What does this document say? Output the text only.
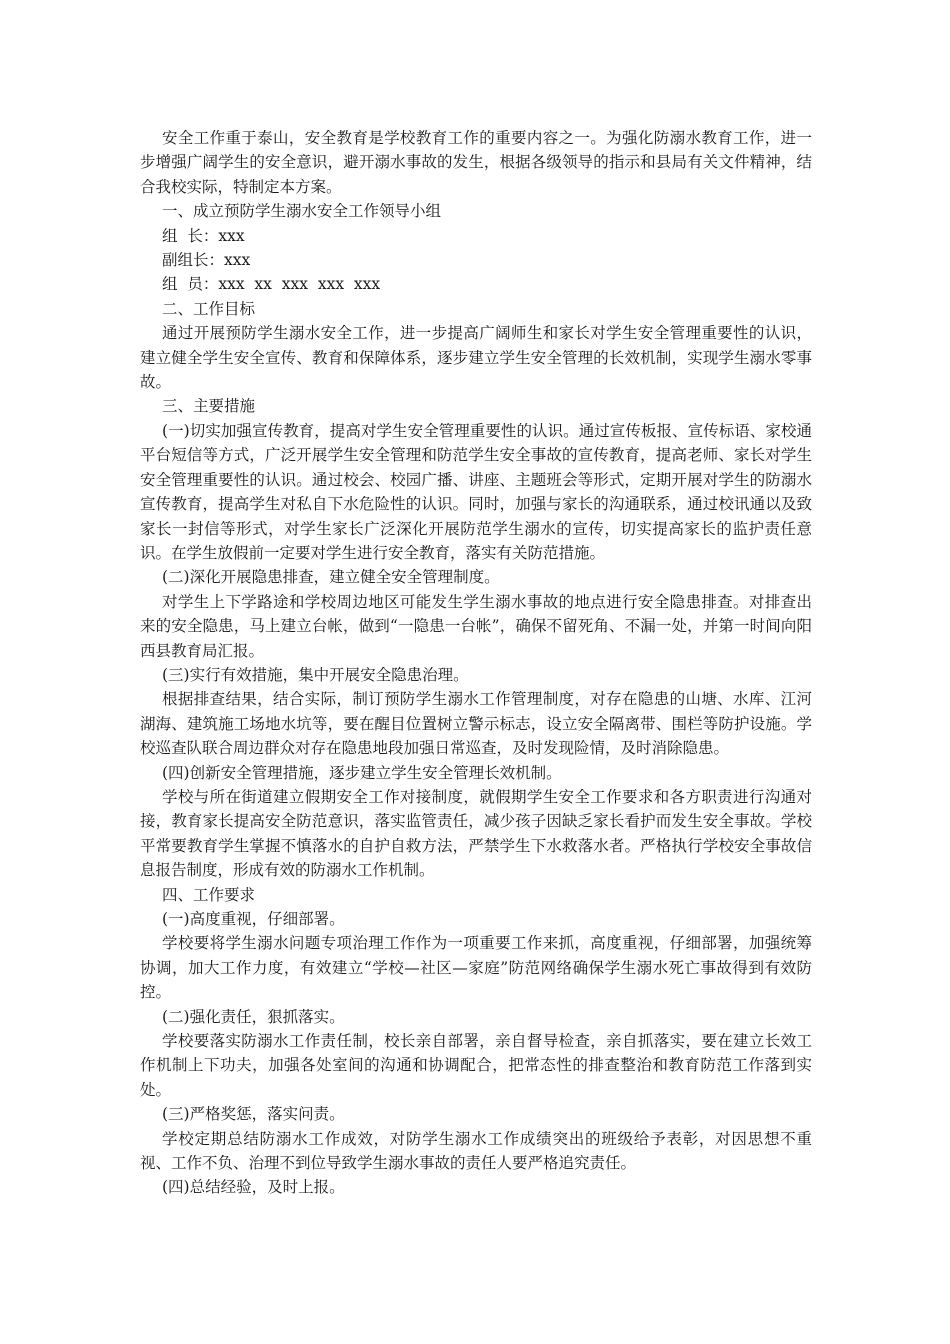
安全工作重于泰山，安全教育是学校教育工作的重要内容之一。为强化防溺水教育工作，进一步增强广阔学生的安全意识，避开溺水事故的发生，根据各级领导的指示和县局有关文件精神，结合我校实际，特制定本方案。

一、成立预防学生溺水安全工作领导小组

组  长：xxx

副组长：xxx

组  员：xxx  xx  xxx  xxx  xxx

二、工作目标

通过开展预防学生溺水安全工作，进一步提高广阔师生和家长对学生安全管理重要性的认识，建立健全学生安全宣传、教育和保障体系，逐步建立学生安全管理的长效机制，实现学生溺水零事故。

三、主要措施

(一)切实加强宣传教育，提高对学生安全管理重要性的认识。通过宣传板报、宣传标语、家校通平台短信等方式，广泛开展学生安全管理和防范学生安全事故的宣传教育，提高老师、家长对学生安全管理重要性的认识。通过校会、校园广播、讲座、主题班会等形式，定期开展对学生的防溺水宣传教育，提高学生对私自下水危险性的认识。同时，加强与家长的沟通联系，通过校讯通以及致家长一封信等形式，对学生家长广泛深化开展防范学生溺水的宣传，切实提高家长的监护责任意识。在学生放假前一定要对学生进行安全教育，落实有关防范措施。

(二)深化开展隐患排查，建立健全安全管理制度。

对学生上下学路途和学校周边地区可能发生学生溺水事故的地点进行安全隐患排查。对排查出来的安全隐患，马上建立台帐，做到“一隐患一台帐”，确保不留死角、不漏一处，并第一时间向阳西县教育局汇报。

(三)实行有效措施，集中开展安全隐患治理。

根据排查结果，结合实际，制订预防学生溺水工作管理制度，对存在隐患的山塘、水库、江河湖海、建筑施工场地水坑等，要在醒目位置树立警示标志，设立安全隔离带、围栏等防护设施。学校巡查队联合周边群众对存在隐患地段加强日常巡查，及时发现险情，及时消除隐患。

(四)创新安全管理措施，逐步建立学生安全管理长效机制。

学校与所在街道建立假期安全工作对接制度，就假期学生安全工作要求和各方职责进行沟通对接，教育家长提高安全防范意识，落实监管责任，减少孩子因缺乏家长看护而发生安全事故。学校平常要教育学生掌握不慎落水的自护自救方法，严禁学生下水救落水者。严格执行学校安全事故信息报告制度，形成有效的防溺水工作机制。

四、工作要求

(一)高度重视，仔细部署。

学校要将学生溺水问题专项治理工作作为一项重要工作来抓，高度重视，仔细部署，加强统筹协调，加大工作力度，有效建立“学校—社区—家庭”防范网络确保学生溺水死亡事故得到有效防控。

(二)强化责任，狠抓落实。

学校要落实防溺水工作责任制，校长亲自部署，亲自督导检查，亲自抓落实，要在建立长效工作机制上下功夫，加强各处室间的沟通和协调配合，把常态性的排查整治和教育防范工作落到实处。

(三)严格奖惩，落实问责。

学校定期总结防溺水工作成效，对防学生溺水工作成绩突出的班级给予表彰，对因思想不重视、工作不负、治理不到位导致学生溺水事故的责任人要严格追究责任。

(四)总结经验，及时上报。
